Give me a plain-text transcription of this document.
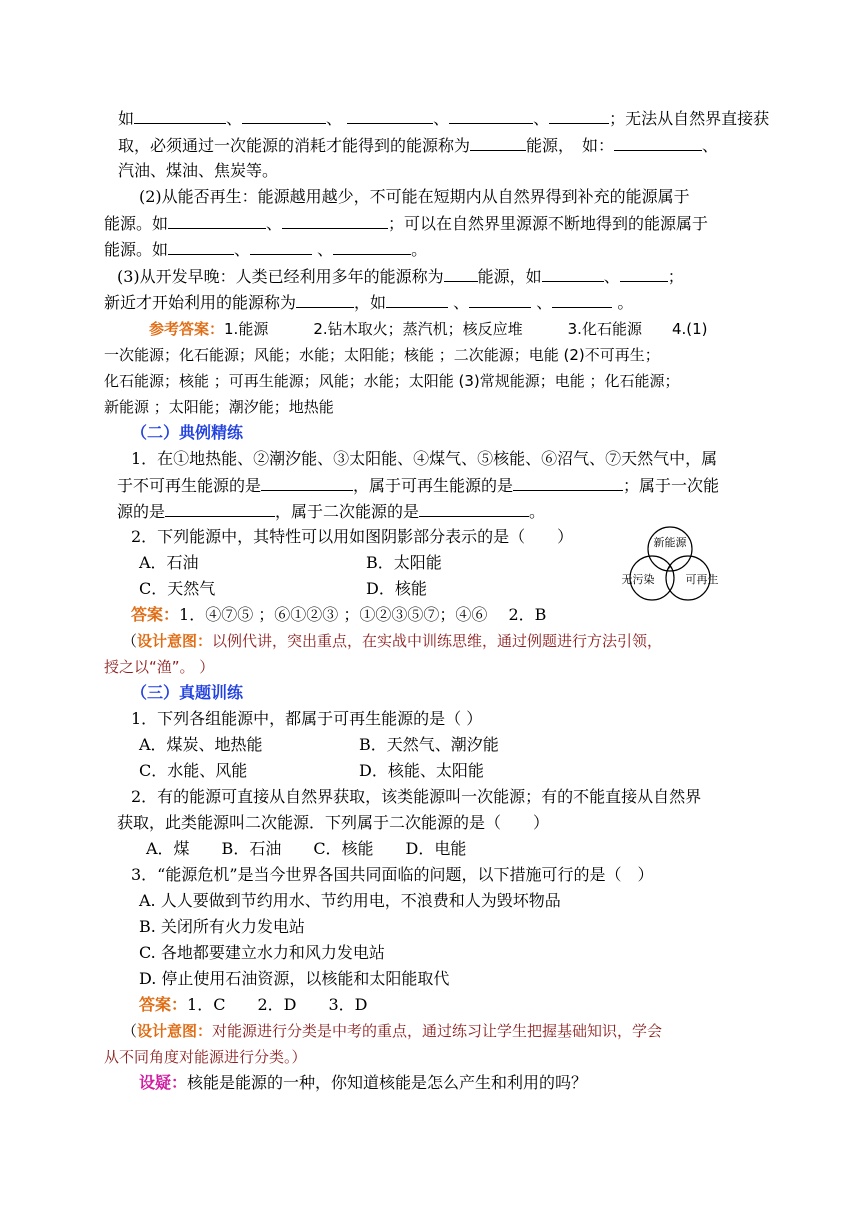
如	、	、	、	、	；无法从自然界直接获
取，必须通过一次能源的消耗才能得到的能源称为	能源，　如：	、
汽油、煤油、焦炭等。
(2)从能否再生：能源越用越少，不可能在短期内从自然界得到补充的能源属于
能源。如	、	；可以在自然界里源源不断地得到的能源属于
能源。如	、	、	。
(3)从开发早晚：人类已经利用多年的能源称为 能源，如	、	；
新近才开始利用的能源称为	，如	、	、	。
参考答案：1.能源　　　2.钻木取火；蒸汽机；核反应堆　　　3.化石能源　　4.(1)
一次能源；化石能源；风能；水能；太阳能；核能 ；二次能源；电能 (2)不可再生；
化石能源；核能 ；可再生能源；风能；水能；太阳能 (3)常规能源；电能 ；化石能源；
新能源 ；太阳能；潮汐能；地热能
（二）典例精练
1．在①地热能、②潮汐能、③太阳能、④煤气、⑤核能、⑥沼气、⑦天然气中，属
于不可再生能源的是	，属于可再生能源的是	；属于一次能
源的是	，属于二次能源的是	。
2．下列能源中，其特性可以用如图阴影部分表示的是（　　）
A．石油	B．太阳能
C．天然气	D．核能
新能源
无污染	可再生
答案：1．④⑦⑤ ；⑥①②③ ；①②③⑤⑦；④⑥　 2．B
（设计意图：以例代讲，突出重点，在实战中训练思维，通过例题进行方法引领，
授之以“渔”。 ）
（三）真题训练
1．下列各组能源中，都属于可再生能源的是（ ）
A．煤炭、地热能	B．天然气、潮汐能
C．水能、风能	D．核能、太阳能
2．有的能源可直接从自然界获取，该类能源叫一次能源；有的不能直接从自然界
获取，此类能源叫二次能源．下列属于二次能源的是（　　）
A．煤　　B．石油　　C．核能　　D．电能
3．“能源危机”是当今世界各国共同面临的问题，以下措施可行的是（　）
A. 人人要做到节约用水、节约用电，不浪费和人为毁坏物品
B. 关闭所有火力发电站
C. 各地都要建立水力和风力发电站
D. 停止使用石油资源，以核能和太阳能取代
答案：1．C　　2．D　　3．D
（设计意图：对能源进行分类是中考的重点，通过练习让学生把握基础知识，学会
从不同角度对能源进行分类。）
设疑：核能是能源的一种，你知道核能是怎么产生和利用的吗？
